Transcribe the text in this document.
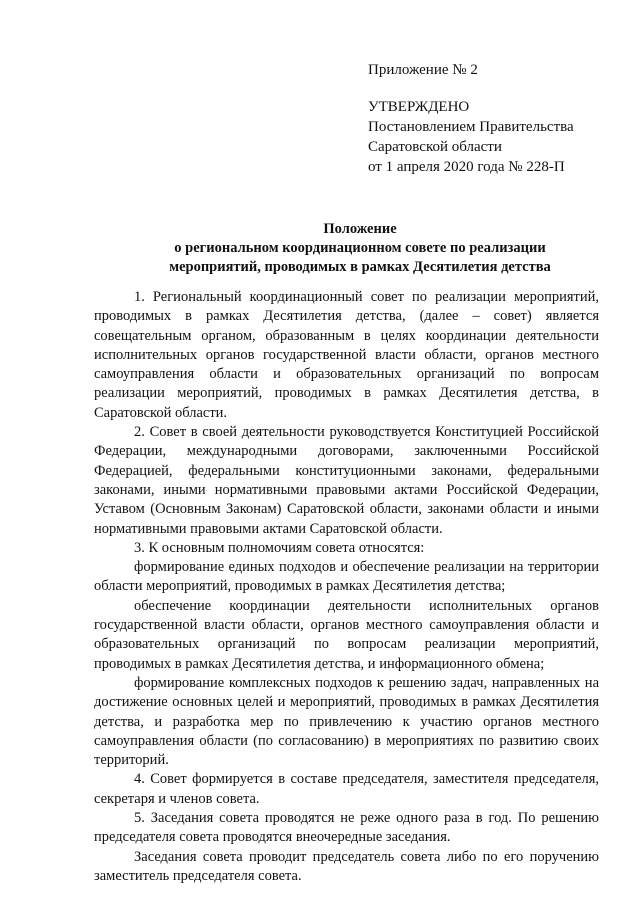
Приложение № 2
УТВЕРЖДЕНО
Постановлением Правительства
Саратовской области
от 1 апреля 2020 года № 228-П
Положение
о региональном координационном совете по реализации
мероприятий, проводимых в рамках Десятилетия детства

1. Региональный координационный совет по реализации мероприятий, проводимых в рамках Десятилетия детства, (далее – совет) является совещательным органом, образованным в целях координации деятельности исполнительных органов государственной власти области, органов местного самоуправления области и образовательных организаций по вопросам реализации мероприятий, проводимых в рамках Десятилетия детства, в Саратовской области.

2. Совет в своей деятельности руководствуется Конституцией Российской Федерации, международными договорами, заключенными Российской Федерацией, федеральными конституционными законами, федеральными законами, иными нормативными правовыми актами Российской Федерации, Уставом (Основным Законам) Саратовской области, законами области и иными нормативными правовыми актами Саратовской области.

3. К основным полномочиям совета относятся:

формирование единых подходов и обеспечение реализации на территории области мероприятий, проводимых в рамках Десятилетия детства;

обеспечение координации деятельности исполнительных органов государственной власти области, органов местного самоуправления области и образовательных организаций по вопросам реализации мероприятий, проводимых в рамках Десятилетия детства, и информационного обмена;

формирование комплексных подходов к решению задач, направленных на достижение основных целей и мероприятий, проводимых в рамках Десятилетия детства, и разработка мер по привлечению к участию органов местного самоуправления области (по согласованию) в мероприятиях по развитию своих территорий.

4. Совет формируется в составе председателя, заместителя председателя, секретаря и членов совета.

5. Заседания совета проводятся не реже одного раза в год. По решению председателя совета проводятся внеочередные заседания.

Заседания совета проводит председатель совета либо по его поручению заместитель председателя совета.
